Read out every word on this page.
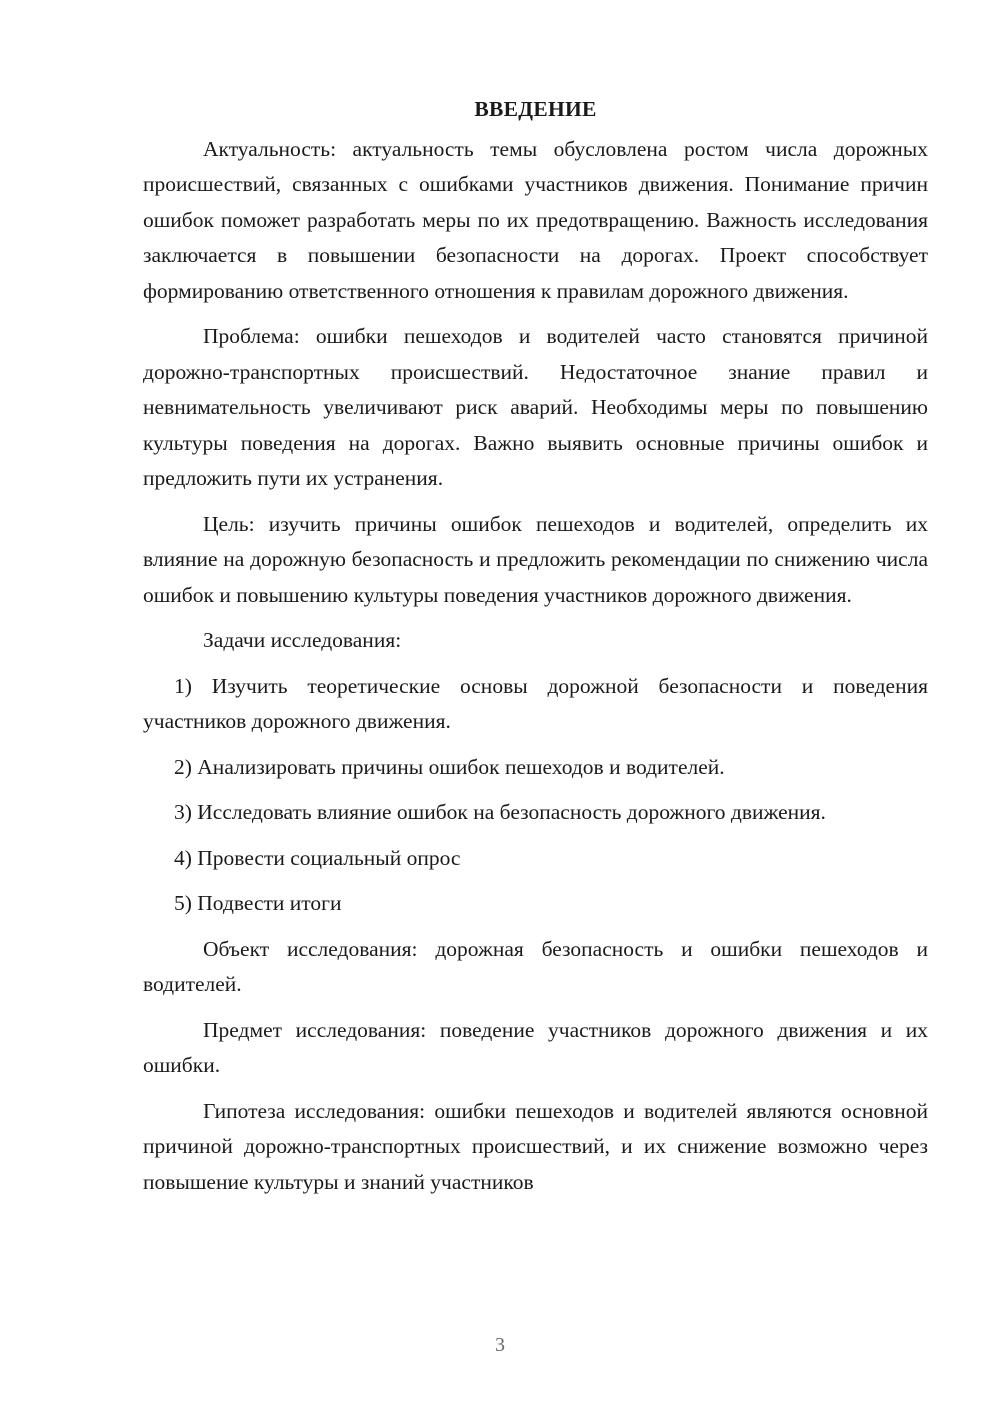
ВВЕДЕНИЕ

Актуальность: актуальность темы обусловлена ростом числа дорожных происшествий, связанных с ошибками участников движения. Понимание причин ошибок поможет разработать меры по их предотвращению. Важность исследования заключается в повышении безопасности на дорогах. Проект способствует формированию ответственного отношения к правилам дорожного движения.

Проблема: ошибки пешеходов и водителей часто становятся причиной дорожно-транспортных происшествий. Недостаточное знание правил и невнимательность увеличивают риск аварий. Необходимы меры по повышению культуры поведения на дорогах. Важно выявить основные причины ошибок и предложить пути их устранения.

Цель: изучить причины ошибок пешеходов и водителей, определить их влияние на дорожную безопасность и предложить рекомендации по снижению числа ошибок и повышению культуры поведения участников дорожного движения.

Задачи исследования:

1) Изучить теоретические основы дорожной безопасности и поведения участников дорожного движения.

2) Анализировать причины ошибок пешеходов и водителей.

3) Исследовать влияние ошибок на безопасность дорожного движения.

4) Провести социальный опрос

5) Подвести итоги

Объект исследования: дорожная безопасность и ошибки пешеходов и водителей.

Предмет исследования: поведение участников дорожного движения и их ошибки.

Гипотеза исследования: ошибки пешеходов и водителей являются основной причиной дорожно-транспортных происшествий, и их снижение возможно через повышение культуры и знаний участников

3
